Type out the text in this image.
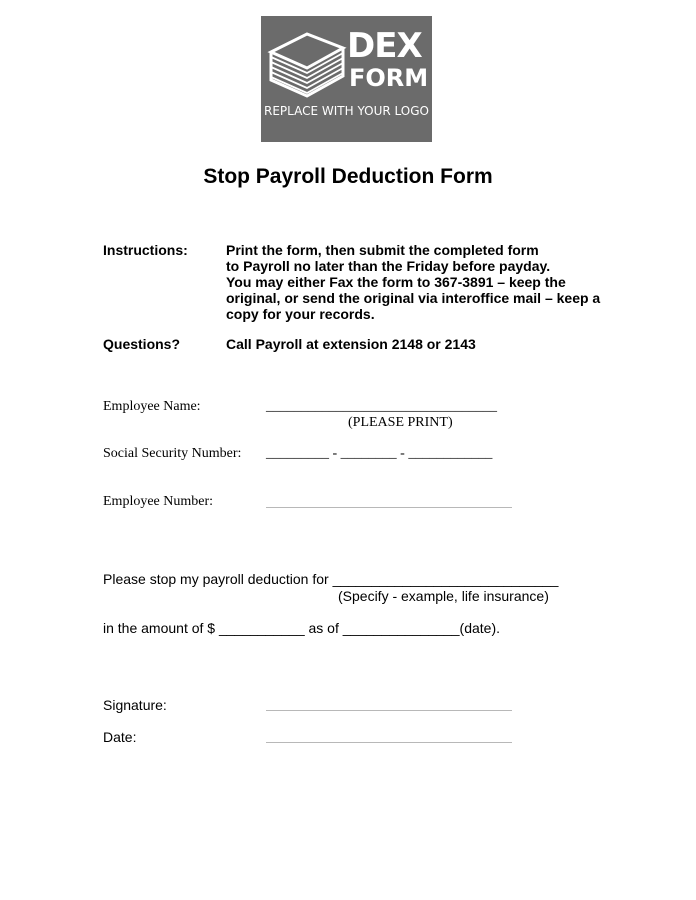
DEX
FORM
REPLACE WITH YOUR LOGO
Stop Payroll Deduction Form
Instructions:	Print the form, then submit the completed form
to Payroll no later than the Friday before payday.
You may either Fax the form to 367-3891 – keep the
original, or send the original via interoffice mail – keep a
copy for your records.
Questions?	Call Payroll at extension 2148 or 2143
Employee Name:	_________________________________
(PLEASE PRINT)
Social Security Number: _________ - ________ - ____________
Employee Number:
Please stop my payroll deduction for _____________________________
(Specify - example, life insurance)
in the amount of $ ___________ as of _______________(date).
Signature:
Date:
